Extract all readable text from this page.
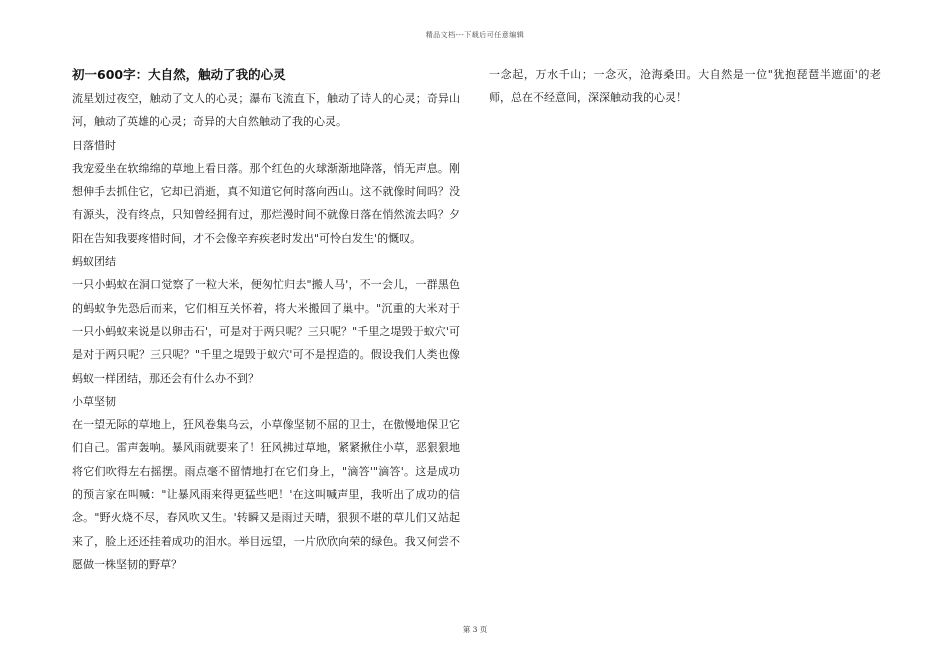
精品文档---下载后可任意编辑
初一600字：大自然，触动了我的心灵

流星划过夜空，触动了文人的心灵；瀑布飞流直下，触动了诗人的心灵；奇异山河，触动了英雄的心灵；奇异的大自然触动了我的心灵。

日落惜时

我宠爱坐在软绵绵的草地上看日落。那个红色的火球渐渐地降落，悄无声息。刚想伸手去抓住它，它却已消逝，真不知道它何时落向西山。这不就像时间吗？没有源头，没有终点，只知曾经拥有过，那烂漫时间不就像日落在悄然流去吗？夕阳在告知我要疼惜时间，才不会像辛弃疾老时发出"可怜白发生'的慨叹。

蚂蚁团结

一只小蚂蚁在洞口觉察了一粒大米，便匆忙归去"搬人马'，不一会儿，一群黑色的蚂蚁争先恐后而来，它们相互关怀着，将大米搬回了巢中。"沉重的大米对于一只小蚂蚁来说是以卵击石'，可是对于两只呢？三只呢？"千里之堤毁于蚁穴'可是对于两只呢？三只呢？"千里之堤毁于蚁穴'可不是捏造的。假设我们人类也像蚂蚁一样团结，那还会有什么办不到？

小草坚韧

在一望无际的草地上，狂风卷集乌云，小草像坚韧不屈的卫士，在傲慢地保卫它们自己。雷声轰响。暴风雨就要来了！狂风拂过草地，紧紧揪住小草，恶狠狠地将它们吹得左右摇摆。雨点毫不留情地打在它们身上，"滴答'"滴答'。这是成功的预言家在叫喊："让暴风雨来得更猛些吧！'在这叫喊声里，我听出了成功的信念。"野火烧不尽，春风吹又生。'转瞬又是雨过天晴，狠狈不堪的草儿们又站起来了，脸上还还挂着成功的泪水。举目远望，一片欣欣向荣的绿色。我又何尝不愿做一株坚韧的野草？

一念起，万水千山；一念灭，沧海桑田。大自然是一位"犹抱琵琶半遮面'的老师，总在不经意间，深深触动我的心灵！

第 3 页
